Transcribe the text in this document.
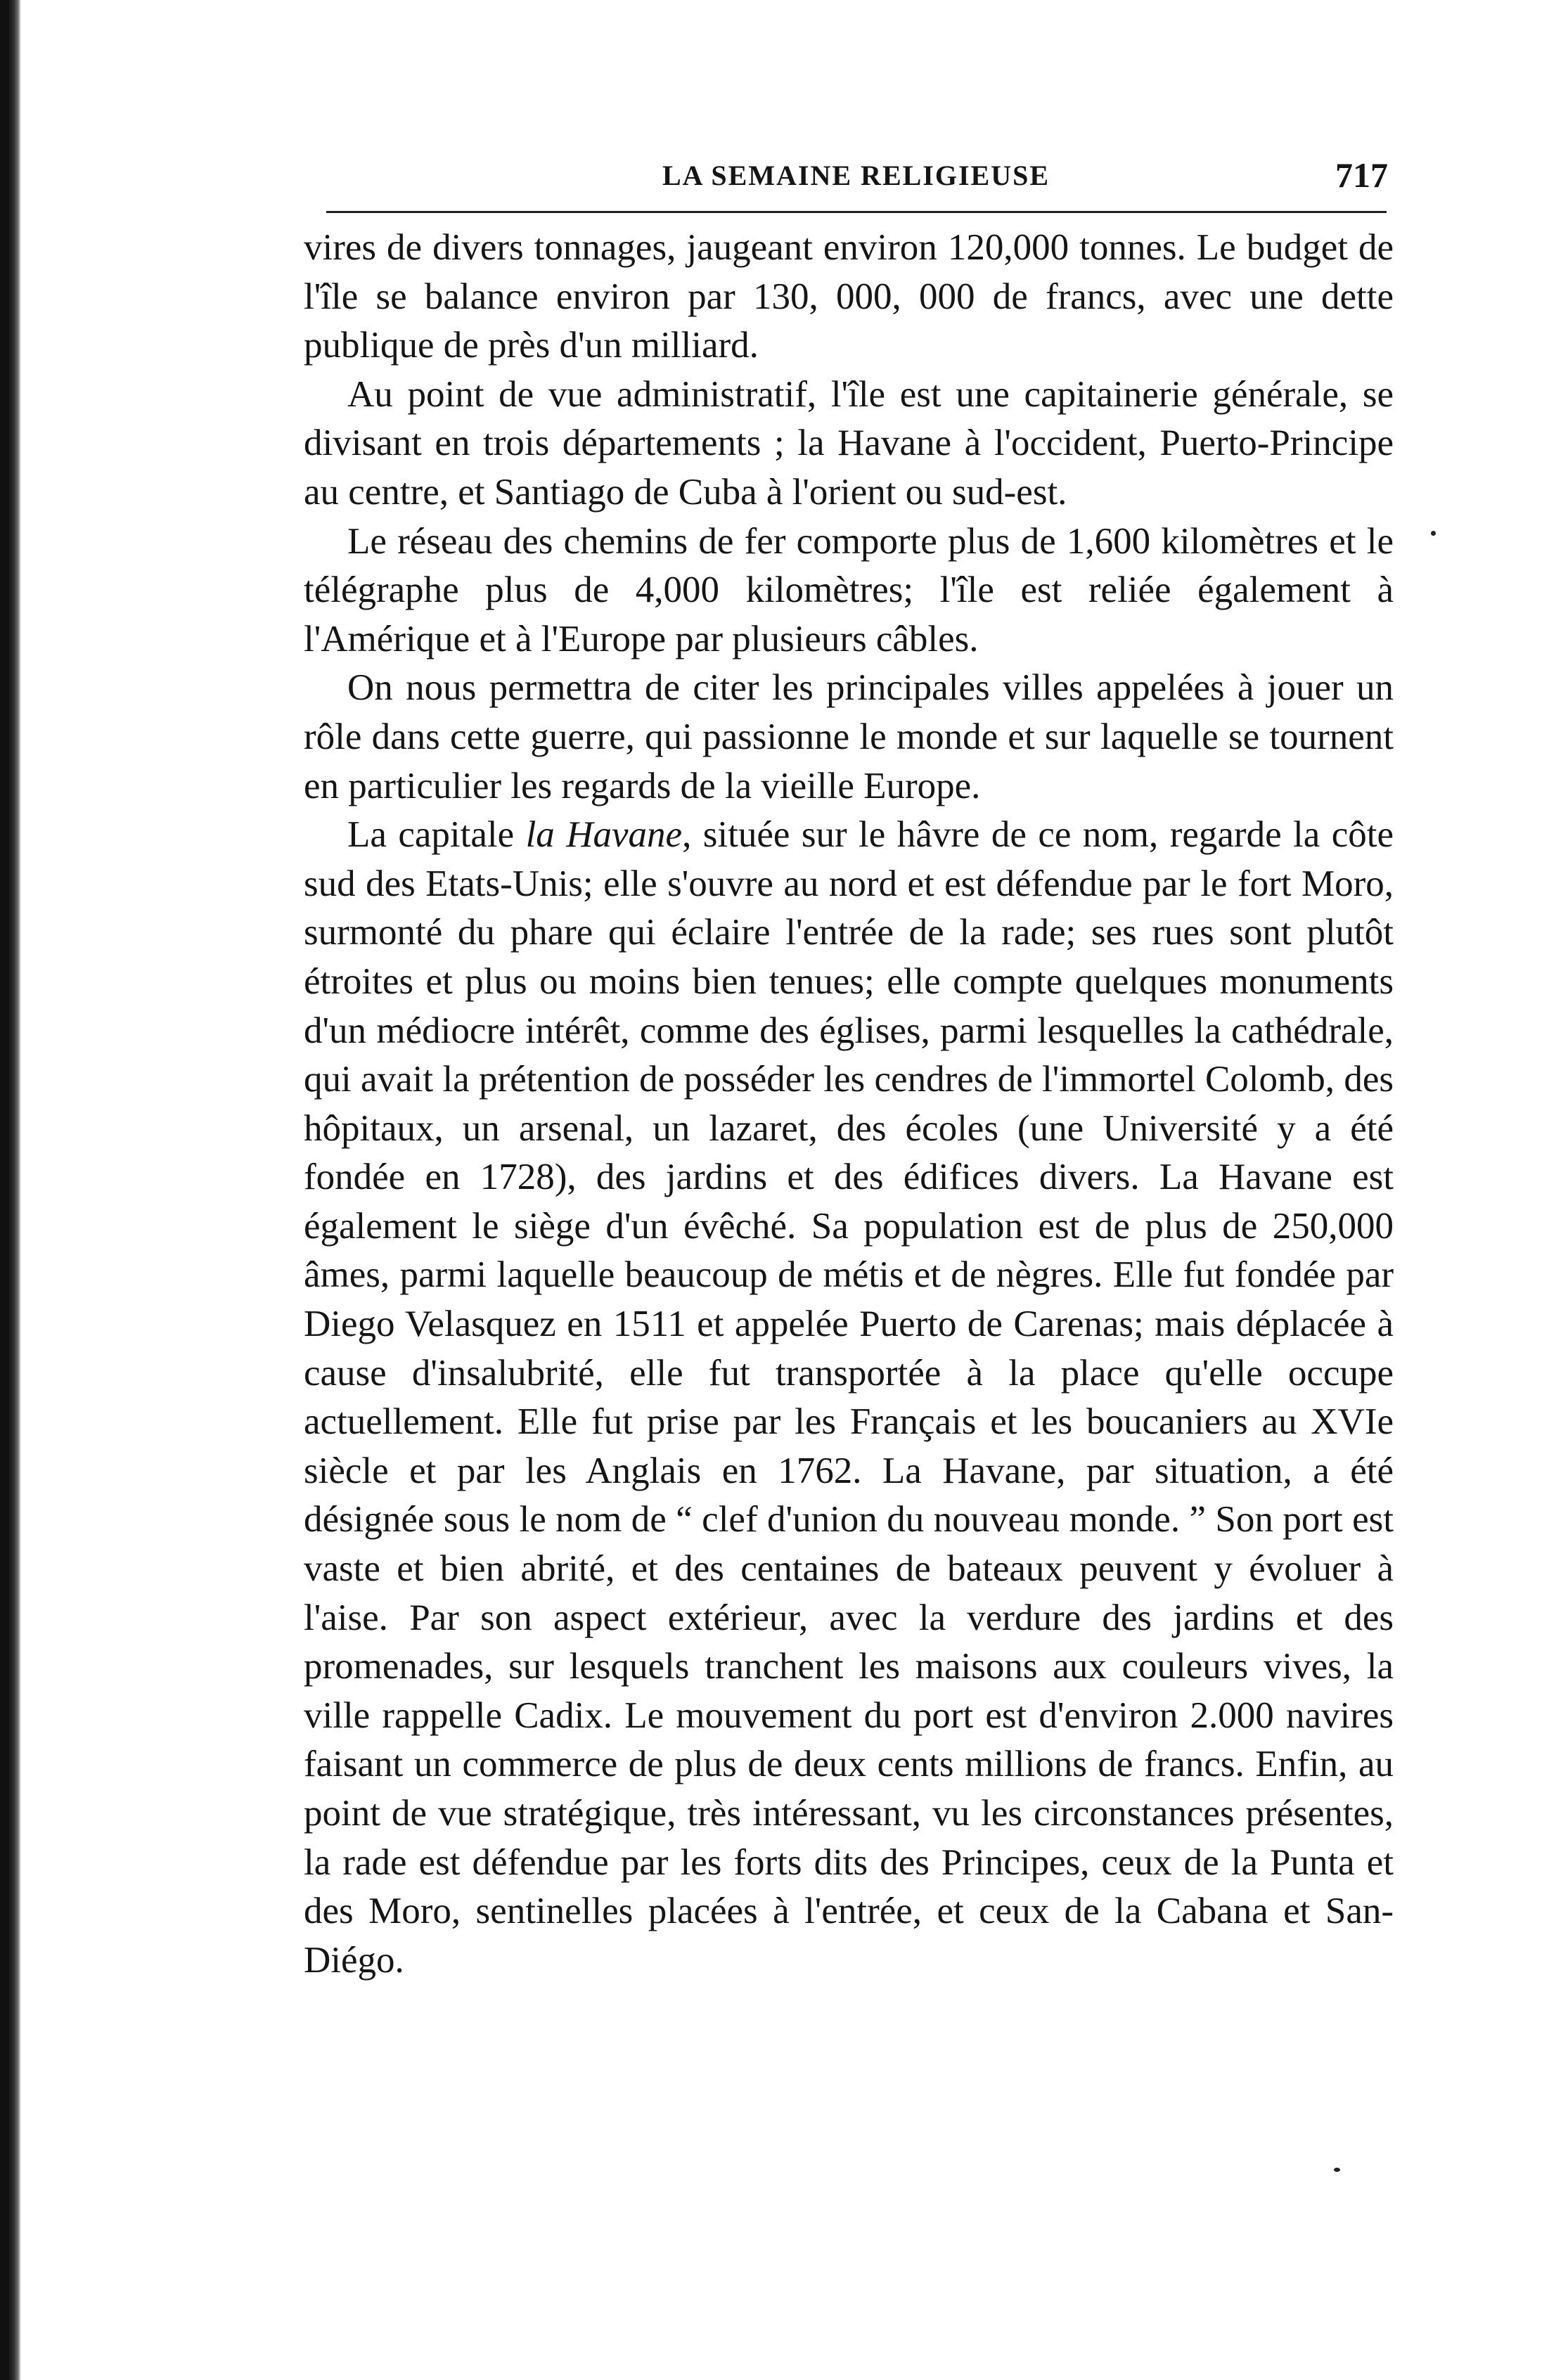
LA SEMAINE RELIGIEUSE	717

vires de divers tonnages, jaugeant environ 120,000 tonnes. Le budget de l'île se balance environ par 130, 000, 000 de francs, avec une dette publique de près d'un milliard.

Au point de vue administratif, l'île est une capitainerie générale, se divisant en trois départements ; la Havane à l'occident, Puerto-Principe au centre, et Santiago de Cuba à l'orient ou sud-est.

Le réseau des chemins de fer comporte plus de 1,600 kilomètres et le télégraphe plus de 4,000 kilomètres; l'île est reliée également à l'Amérique et à l'Europe par plusieurs câbles.

On nous permettra de citer les principales villes appelées à jouer un rôle dans cette guerre, qui passionne le monde et sur laquelle se tournent en particulier les regards de la vieille Europe.

La capitale la Havane, située sur le hâvre de ce nom, regarde la côte sud des Etats-Unis; elle s'ouvre au nord et est défendue par le fort Moro, surmonté du phare qui éclaire l'entrée de la rade; ses rues sont plutôt étroites et plus ou moins bien tenues; elle compte quelques monuments d'un médiocre intérêt, comme des églises, parmi lesquelles la cathédrale, qui avait la prétention de posséder les cendres de l'immortel Colomb, des hôpitaux, un arsenal, un lazaret, des écoles (une Université y a été fondée en 1728), des jardins et des édifices divers. La Havane est également le siège d'un évêché. Sa population est de plus de 250,000 âmes, parmi laquelle beaucoup de métis et de nègres. Elle fut fondée par Diego Velasquez en 1511 et appelée Puerto de Carenas; mais déplacée à cause d'insalubrité, elle fut transportée à la place qu'elle occupe actuellement. Elle fut prise par les Français et les boucaniers au XVIe siècle et par les Anglais en 1762. La Havane, par situation, a été désignée sous le nom de “ clef d'union du nouveau monde. ” Son port est vaste et bien abrité, et des centaines de bateaux peuvent y évoluer à l'aise. Par son aspect extérieur, avec la verdure des jardins et des promenades, sur lesquels tranchent les maisons aux couleurs vives, la ville rappelle Cadix. Le mouvement du port est d'environ 2.000 navires faisant un commerce de plus de deux cents millions de francs. Enfin, au point de vue stratégique, très intéressant, vu les circonstances présentes, la rade est défendue par les forts dits des Principes, ceux de la Punta et des Moro, sentinelles placées à l'entrée, et ceux de la Cabana et San-Diégo.
